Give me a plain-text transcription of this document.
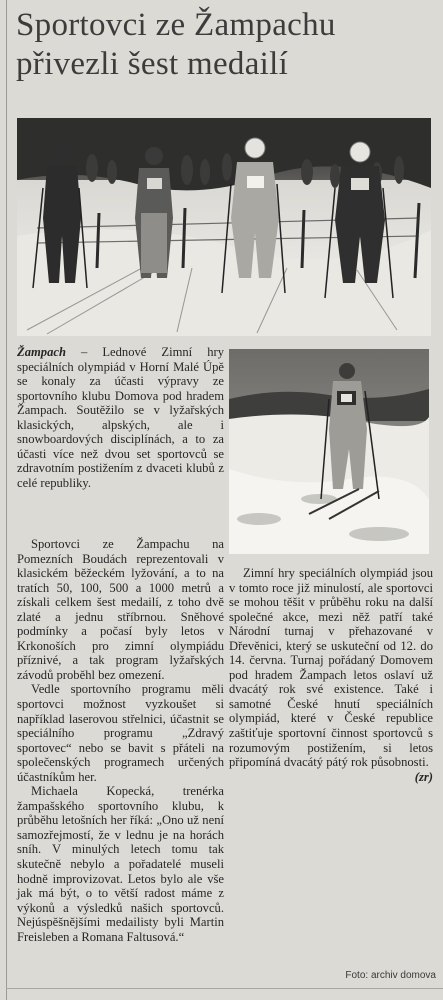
Sportovci ze Žampachu přivezli šest medailí

Žampach – Lednové Zimní hry speciálních olympiád v Horní Malé Úpě se konaly za účasti výpravy ze sportovního klubu Domova pod hradem Žampach. Soutěžilo se v lyžařských klasických, alpských, ale i snowboardových disciplínách, a to za účasti více než dvou set sportovců se zdravotním postižením z dvaceti klubů z celé republiky.

Sportovci ze Žampachu na Pomezních Boudách reprezentovali v klasickém běžeckém lyžování, a to na tratích 50, 100, 500 a 1000 metrů a získali celkem šest medailí, z toho dvě zlaté a jednu stříbrnou. Sněhové podmínky a počasí byly letos v Krkonoších pro zimní olympiádu příznivé, a tak program lyžařských závodů proběhl bez omezení.

Vedle sportovního programu měli sportovci možnost vyzkoušet si například laserovou střelnici, účastnit se speciálního programu „Zdravý sportovec“ nebo se bavit s přáteli na společenských programech určených účastníkům her.

Michaela Kopecká, trenérka žampašského sportovního klubu, k průběhu letošních her říká: „Ono už není samozřejmostí, že v lednu je na horách sníh. V minulých letech tomu tak skutečně nebylo a pořadatelé museli hodně improvizovat. Letos bylo ale vše jak má být, o to větší radost máme z výkonů a výsledků našich sportovců. Nejúspěšnějšími medailisty byli Martin Freisleben a Romana Faltusová.“

Zimní hry speciálních olympiád jsou v tomto roce již minulostí, ale sportovci se mohou těšit v průběhu roku na další společné akce, mezi něž patří také Národní turnaj v přehazované v Dřevěnici, který se uskuteční od 12. do 14. června. Turnaj pořádaný Domovem pod hradem Žampach letos oslaví už dvacátý rok své existence. Také i samotné České hnutí speciálních olympiád, které v České republice zaštiťuje sportovní činnost sportovců s rozumovým postižením, si letos připomíná dvacátý pátý rok působnosti.

(zr)

Foto: archiv domova
